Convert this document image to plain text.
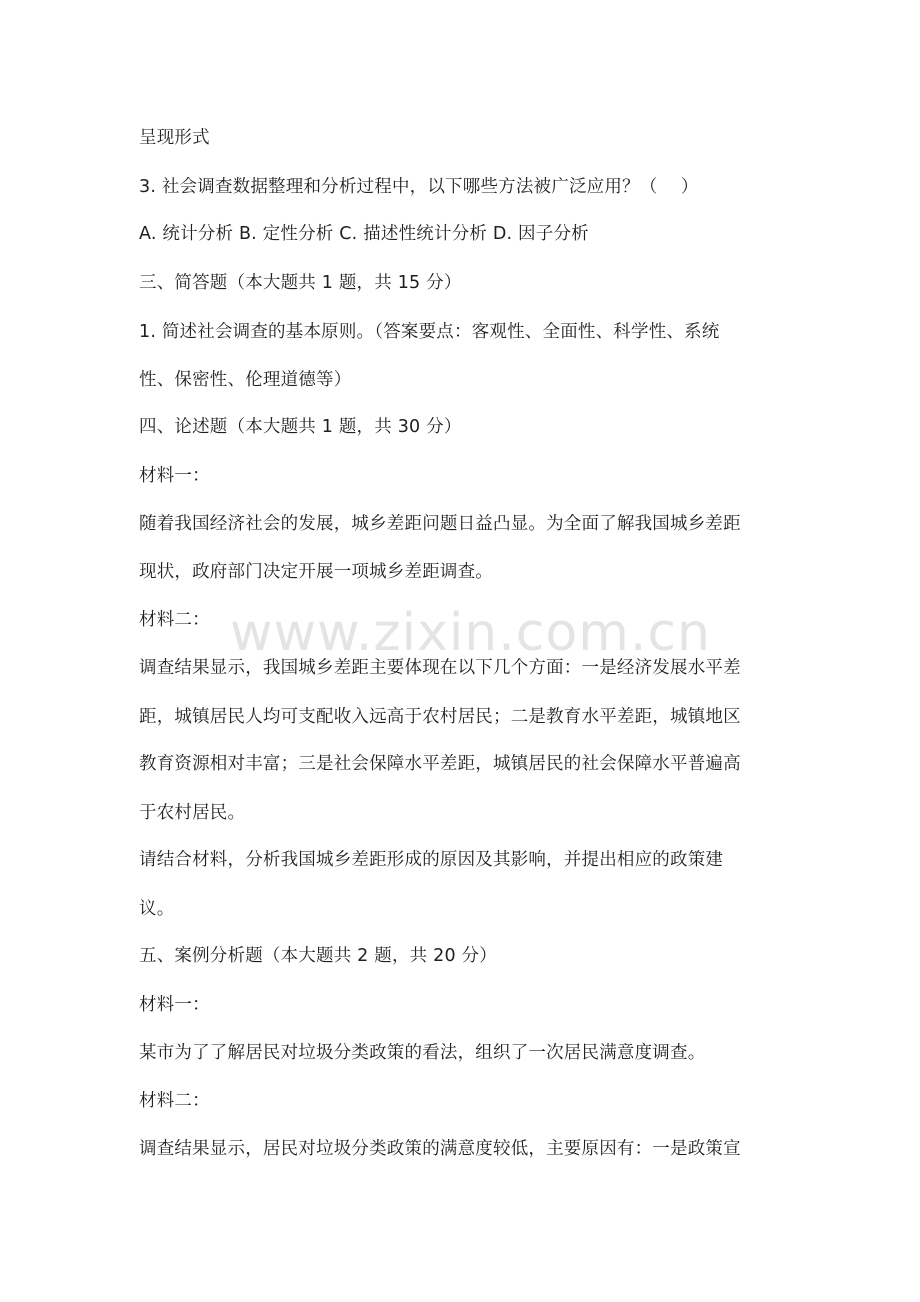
www.zixin.com.cn
呈现形式
3. 社会调查数据整理和分析过程中，以下哪些方法被广泛应用？（　 ）
A. 统计分析 B. 定性分析 C. 描述性统计分析 D. 因子分析
三、简答题（本大题共 1 题，共 15 分）
1. 简述社会调查的基本原则。（答案要点：客观性、全面性、科学性、系统
性、保密性、伦理道德等）
四、论述题（本大题共 1 题，共 30 分）
材料一：
随着我国经济社会的发展，城乡差距问题日益凸显。为全面了解我国城乡差距
现状，政府部门决定开展一项城乡差距调查。
材料二：
调查结果显示，我国城乡差距主要体现在以下几个方面：一是经济发展水平差
距，城镇居民人均可支配收入远高于农村居民；二是教育水平差距，城镇地区
教育资源相对丰富；三是社会保障水平差距，城镇居民的社会保障水平普遍高
于农村居民。
请结合材料，分析我国城乡差距形成的原因及其影响，并提出相应的政策建
议。
五、案例分析题（本大题共 2 题，共 20 分）
材料一：
某市为了了解居民对垃圾分类政策的看法，组织了一次居民满意度调查。
材料二：
调查结果显示，居民对垃圾分类政策的满意度较低，主要原因有：一是政策宣
